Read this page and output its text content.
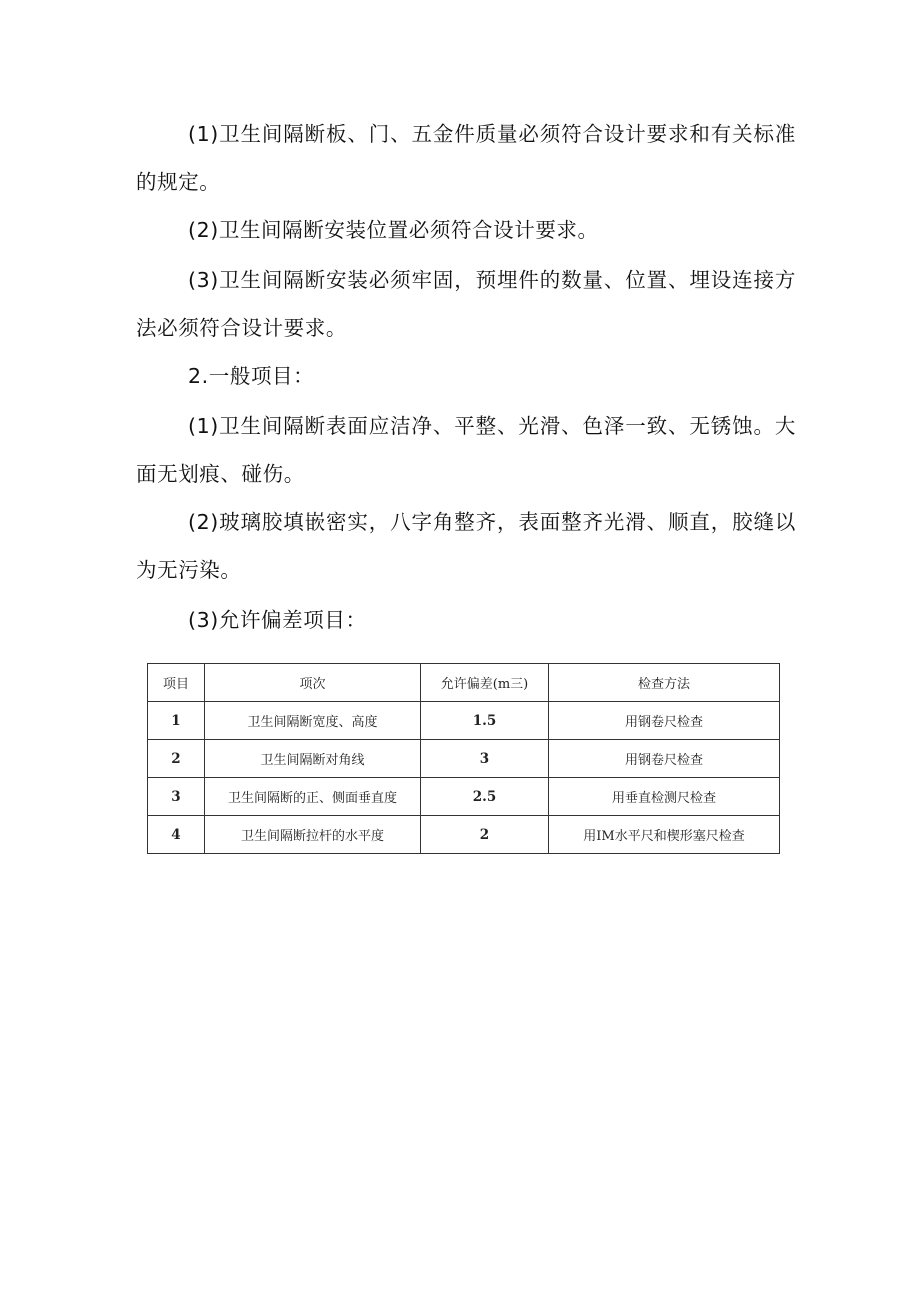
(1)卫生间隔断板、门、五金件质量必须符合设计要求和有关标准的规定。

(2)卫生间隔断安装位置必须符合设计要求。

(3)卫生间隔断安装必须牢固，预埋件的数量、位置、埋设连接方法必须符合设计要求。

2.一般项目：

(1)卫生间隔断表面应洁净、平整、光滑、色泽一致、无锈蚀。大面无划痕、碰伤。

(2)玻璃胶填嵌密实，八字角整齐，表面整齐光滑、顺直，胶缝以为无污染。

(3)允许偏差项目：

项目	项次	允许偏差(m三)	检查方法
1	卫生间隔断宽度、高度	1.5	用钢卷尺检查
2	卫生间隔断对角线	3	用钢卷尺检查
3	卫生间隔断的正、侧面垂直度	2.5	用垂直检测尺检查
4	卫生间隔断拉杆的水平度	2	用IM水平尺和楔形塞尺检查
